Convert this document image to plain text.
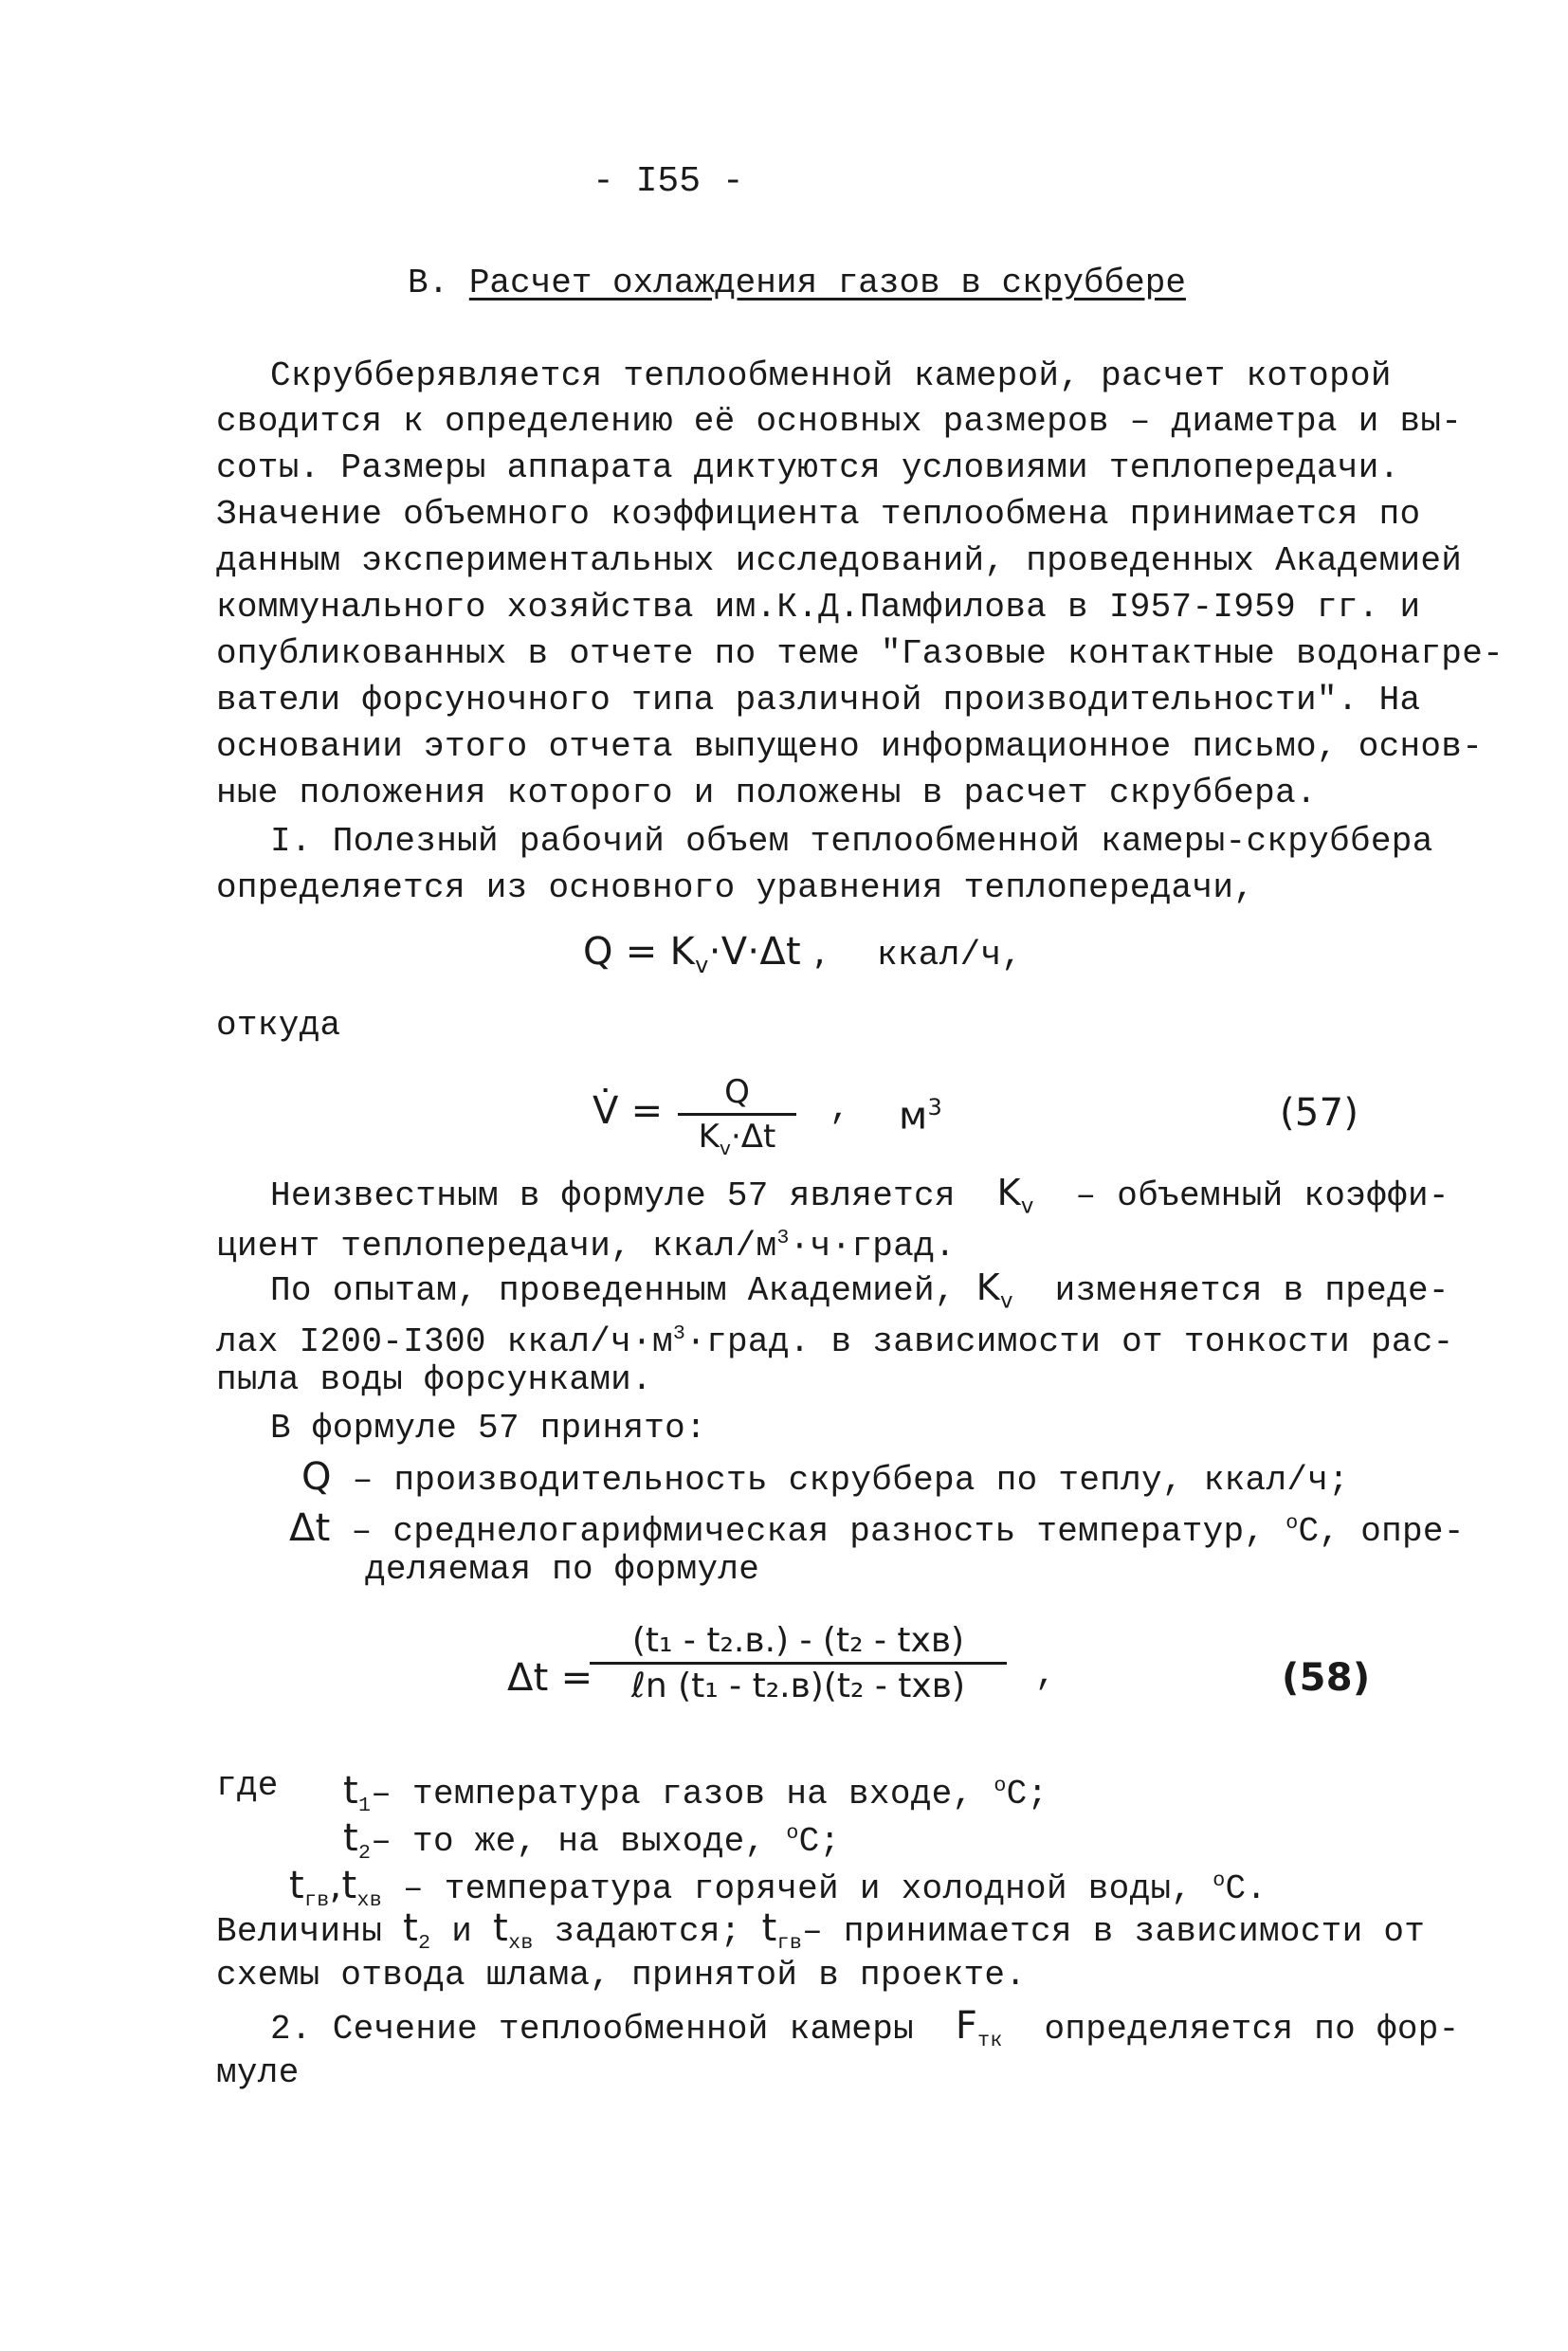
- I55 -
B. Расчет охлаждения газов в скрубберe
Скрубберявляется теплообменной камерой, расчет которой
сводится к определению её основных размеров – диаметра и вы-
соты. Размеры аппарата диктуются условиями теплопередачи.
Значение объемного коэффициента теплообмена принимается по
данным экспериментальных исследований, проведенных Академией
коммунального хозяйства им.К.Д.Памфилова в I957-I959 гг. и
опубликованных в отчете по теме "Газовые контактные водонагре-
ватели форсуночного типа различной производительности". На
основании этого отчета выпущено информационное письмо, основ-
ные положения которого и положены в расчет скруббера.
I. Полезный рабочий объем теплообменной камеры-скруббера
определяется из основного уравнения теплопередачи,
$Q = K_v\cdot V\cdot\Delta t$ , ккал/ч,
откуда
V̇ = $\frac{Q}{K_v\cdot\Delta t}$ , $м^3$	(57)
Неизвестным в формуле 57 является $K_v$ – объемный коэффи-
циент теплопередачи, ккал/$м^3\cdot ч\cdot град$.
По опытам, проведенным Академией, $K_v$ изменяется в преде-
лах I200-I300 ккал/$ч\cdot м^3\cdot град$. в зависимости от тонкости рас-
пыла воды форсунками.
В формуле 57 принято:
Q – производительность скруббера по теплу, ккал/ч;
Δt – среднелогарифмическая разность температур, $^о$С, опре-
деляемая по формуле
Δt =
(t₁ - t₂.в.) - (t₂ - tхв)
ℓn (t₁ - t₂.в)(t₂ - tхв)	,	(58)
где $t_1-$ температура газов на входе, $^о$С;
$t_2-$ то же, на выходе, $^о$С;
$t_{гв},t_{хв}$ – температура горячей и холодной воды, $^о$С.
Величины $t_2$ и $t_{хв}$ задаются; $t_{гв}-$ принимается в зависимости от
схемы отвода шлама, принятой в проекте.
2. Сечение теплообменной камеры $F_{тк}$ определяется по фор-
муле
